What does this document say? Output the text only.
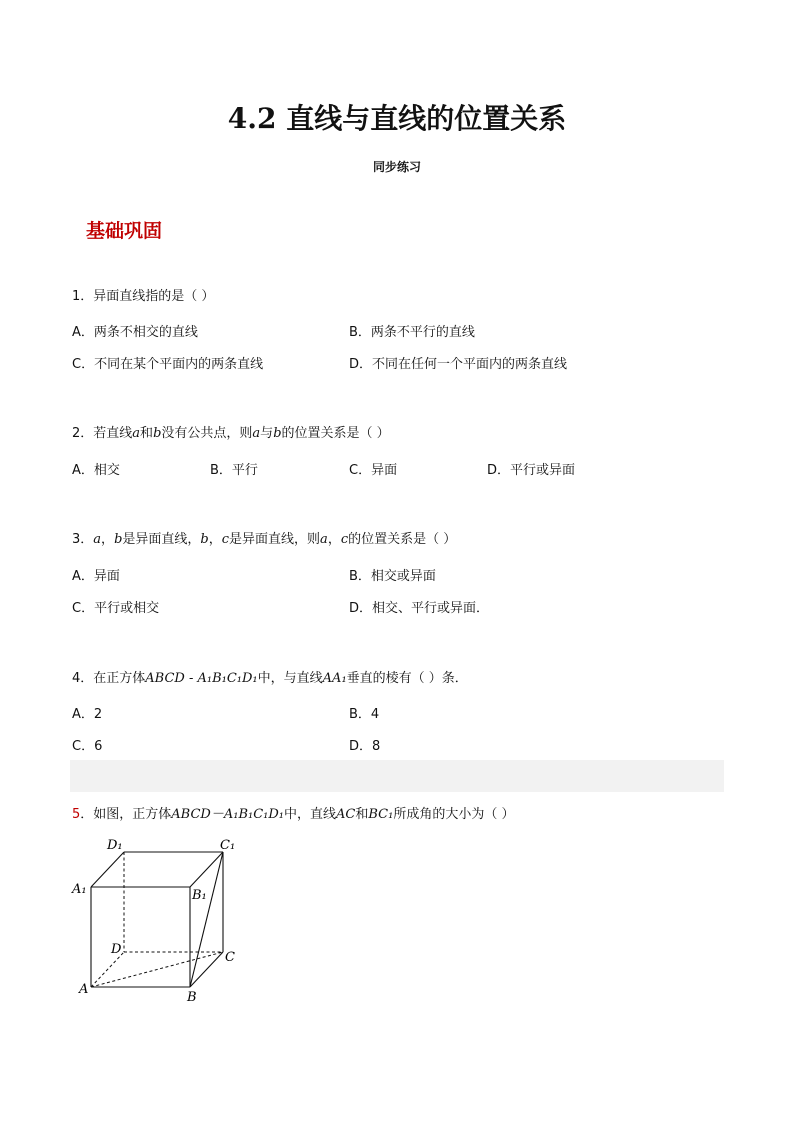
4.2 直线与直线的位置关系
同步练习
基础巩固
1．异面直线指的是（ ）
A．两条不相交的直线	B．两条不平行的直线
C．不同在某个平面内的两条直线	D．不同在任何一个平面内的两条直线
2．若直线a和b没有公共点，则a与b的位置关系是（ ）
A．相交	B．平行	C．异面	D．平行或异面
3．a，b是异面直线，b，c是异面直线，则a，c的位置关系是（ ）
A．异面	B．相交或异面
C．平行或相交	D．相交、平行或异面．
4．在正方体ABCD - A₁B₁C₁D₁中，与直线AA₁垂直的棱有（ ）条．
A．2	B．4
C．6	D．8
5．如图，正方体ABCD－A₁B₁C₁D₁中，直线AC和BC₁所成角的大小为（ ）
D₁	C₁
A₁	B₁
D
C
A
B
